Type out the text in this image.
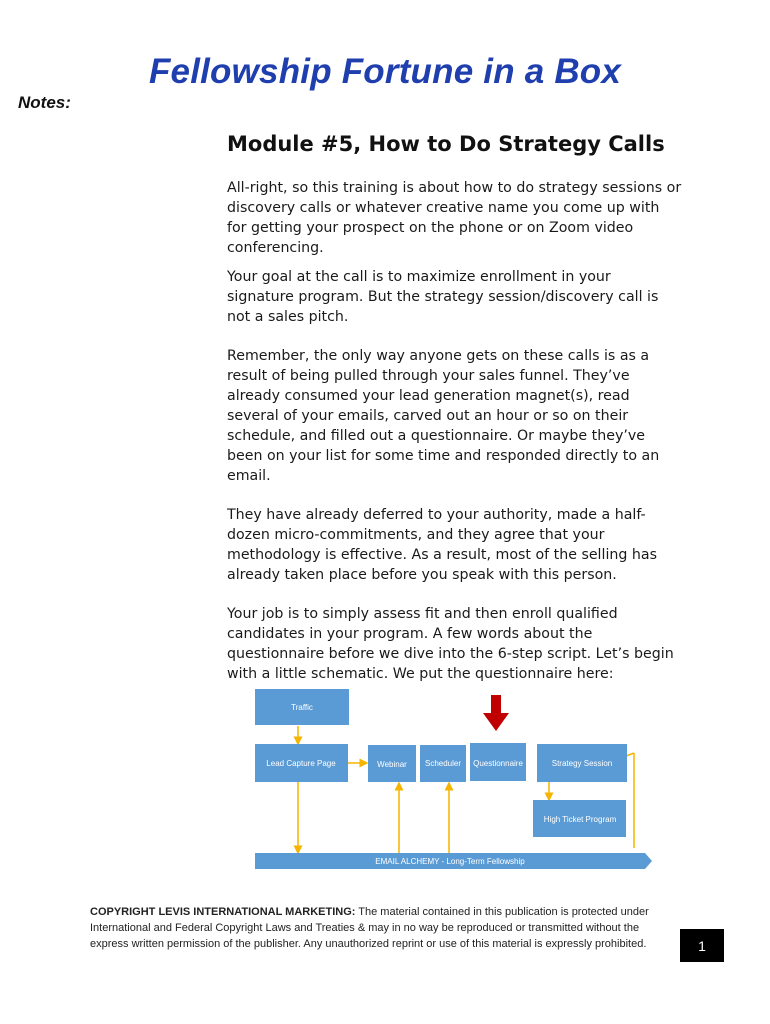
Fellowship Fortune in a Box
Notes:
Module #5, How to Do Strategy Calls

All-right, so this training is about how to do strategy sessions or discovery calls or whatever creative name you come up with for getting your prospect on the phone or on Zoom video conferencing.

Your goal at the call is to maximize enrollment in your signature program. But the strategy session/discovery call is not a sales pitch.

Remember, the only way anyone gets on these calls is as a result of being pulled through your sales funnel. They’ve already consumed your lead generation magnet(s), read several of your emails, carved out an hour or so on their schedule, and filled out a questionnaire. Or maybe they’ve been on your list for some time and responded directly to an email.

They have already deferred to your authority, made a half-dozen micro-commitments, and they agree that your methodology is effective. As a result, most of the selling has already taken place before you speak with this person.

Your job is to simply assess fit and then enroll qualified candidates in your program. A few words about the questionnaire before we dive into the 6-step script. Let’s begin with a little schematic. We put the questionnaire here:

Traffic
Lead Capture Page	Webinar Scheduler Questionnaire	Strategy Session
High Ticket Program
EMAIL ALCHEMY - Long-Term Fellowship
COPYRIGHT LEVIS INTERNATIONAL MARKETING: The material contained in this publication is protected under International and Federal Copyright Laws and Treaties & may in no way be reproduced or transmitted without the express written permission of the publisher. Any unauthorized reprint or use of this material is expressly prohibited.	1
